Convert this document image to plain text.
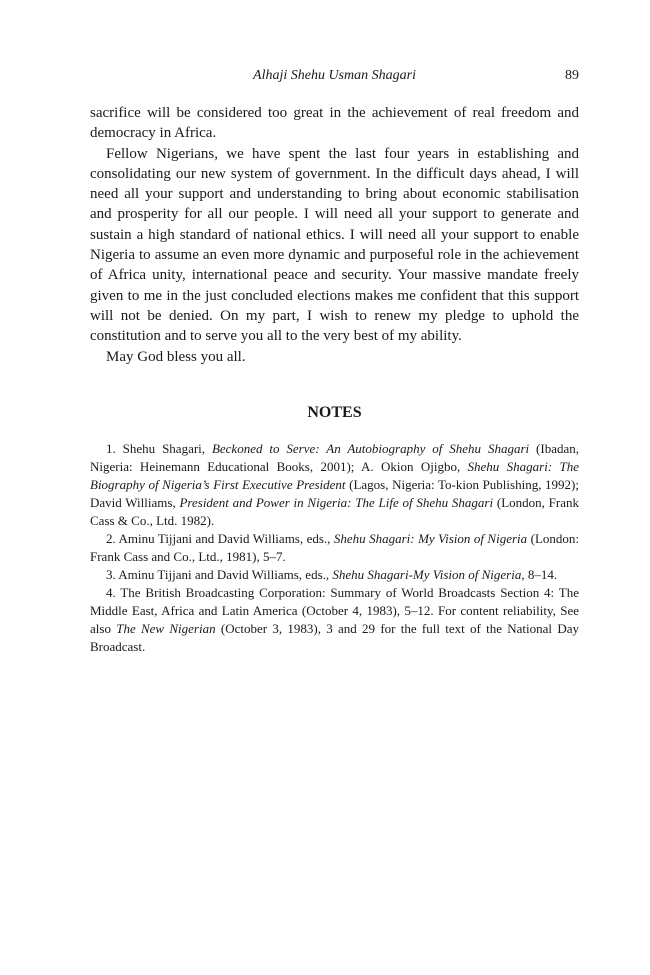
Alhaji Shehu Usman Shagari	89

sacrifice will be considered too great in the achievement of real freedom and democracy in Africa.

Fellow Nigerians, we have spent the last four years in establishing and consolidating our new system of government. In the difficult days ahead, I will need all your support and understanding to bring about economic stabilisation and prosperity for all our people. I will need all your support to generate and sustain a high standard of national ethics. I will need all your support to enable Nigeria to assume an even more dynamic and purposeful role in the achievement of Africa unity, international peace and security. Your massive mandate freely given to me in the just concluded elections makes me confident that this support will not be denied. On my part, I wish to renew my pledge to uphold the constitution and to serve you all to the very best of my ability.

May God bless you all.

NOTES

1. Shehu Shagari, Beckoned to Serve: An Autobiography of Shehu Shagari (Ibadan, Nigeria: Heinemann Educational Books, 2001); A. Okion Ojigbo, Shehu Shagari: The Biography of Nigeria’s First Executive President (Lagos, Nigeria: To-kion Publishing, 1992); David Williams, President and Power in Nigeria: The Life of Shehu Shagari (London, Frank Cass & Co., Ltd. 1982).

2. Aminu Tijjani and David Williams, eds., Shehu Shagari: My Vision of Nigeria (London: Frank Cass and Co., Ltd., 1981), 5–7.

3. Aminu Tijjani and David Williams, eds., Shehu Shagari-My Vision of Nigeria, 8–14.

4. The British Broadcasting Corporation: Summary of World Broadcasts Section 4: The Middle East, Africa and Latin America (October 4, 1983), 5–12. For content reliability, See also The New Nigerian (October 3, 1983), 3 and 29 for the full text of the National Day Broadcast.
